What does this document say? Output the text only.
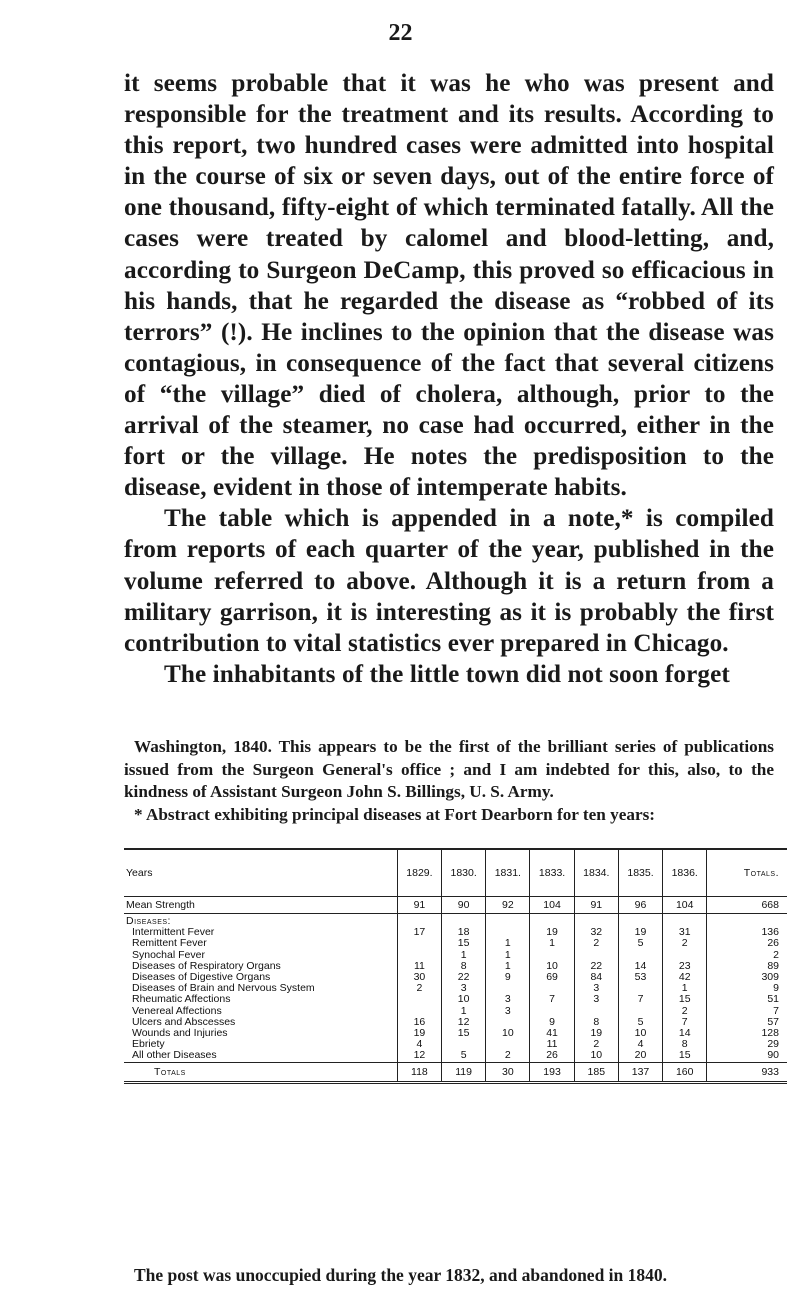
22

it seems probable that it was he who was present and responsible for the treatment and its results. According to this report, two hundred cases were admitted into hospital in the course of six or seven days, out of the entire force of one thousand, fifty-eight of which terminated fatally. All the cases were treated by calomel and blood-letting, and, according to Surgeon DeCamp, this proved so efficacious in his hands, that he regarded the disease as “robbed of its terrors” (!). He inclines to the opinion that the disease was contagious, in consequence of the fact that several citizens of “the village” died of cholera, although, prior to the arrival of the steamer, no case had occurred, either in the fort or the village. He notes the predisposition to the disease, evident in those of intemperate habits.

The table which is appended in a note,* is compiled from reports of each quarter of the year, published in the volume referred to above. Although it is a return from a military garrison, it is interesting as it is probably the first contribution to vital statistics ever prepared in Chicago.

The inhabitants of the little town did not soon forget

Washington, 1840. This appears to be the first of the brilliant series of publications issued from the Surgeon General's office ; and I am indebted for this, also, to the kindness of Assistant Surgeon John S. Billings, U. S. Army.

* Abstract exhibiting principal diseases at Fort Dearborn for ten years:

Years	1829.	1830.	1831.	1833.	1834.	1835.	1836.	Totals.
Mean Strength	91	90	92	104	91	96	104	668
Diseases:								
Intermittent Fever	17	18		19	32	19	31	136
Remittent Fever		15	1	1	2	5	2	26
Synochal Fever		1	1					2
Diseases of Respiratory Organs	11	8	1	10	22	14	23	89
Diseases of Digestive Organs	30	22	9	69	84	53	42	309
Diseases of Brain and Nervous System	2	3			3		1	9
Rheumatic Affections		10	3	7	3	7	15	51
Venereal Affections		1	3				2	7
Ulcers and Abscesses	16	12		9	8	5	7	57
Wounds and Injuries	19	15	10	41	19	10	14	128
Ebriety	4			11	2	4	8	29
All other Diseases	12	5	2	26	10	20	15	90
Totals	118	119	30	193	185	137	160	933
The post was unoccupied during the year 1832, and abandoned in 1840.
